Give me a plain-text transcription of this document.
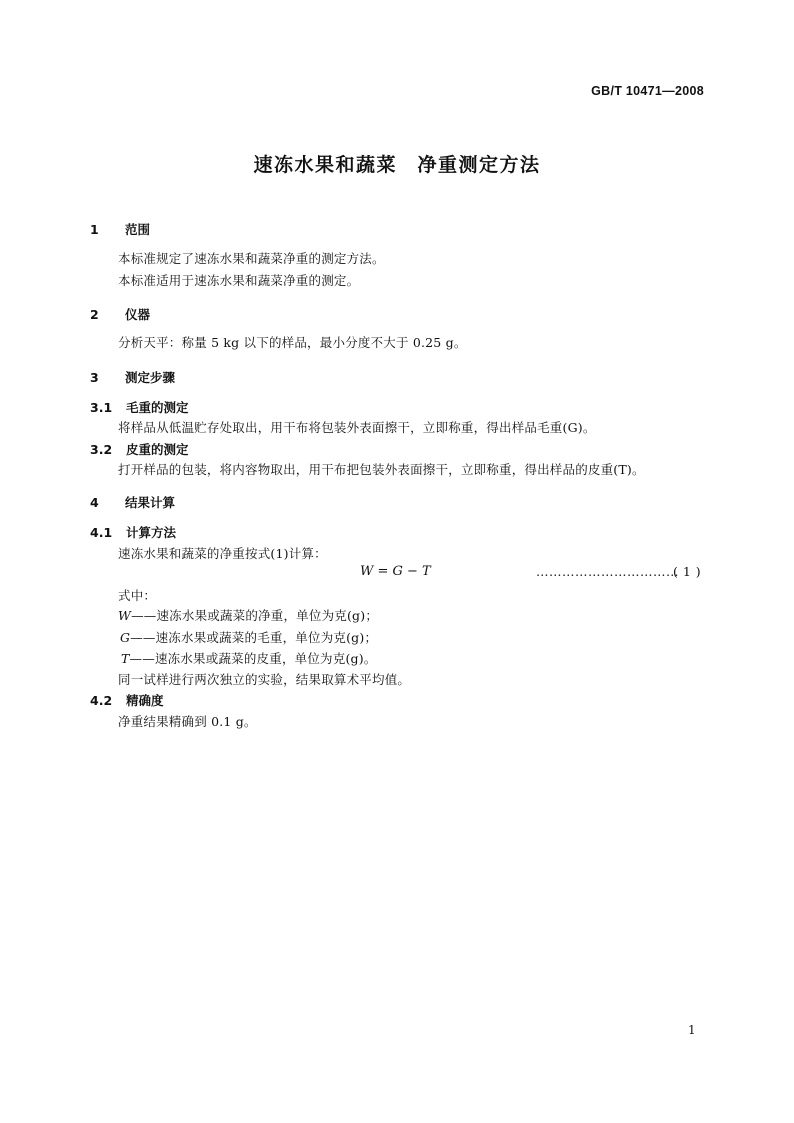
GB/T 10471—2008
速冻水果和蔬菜　净重测定方法
1 范围
本标准规定了速冻水果和蔬菜净重的测定方法。
本标准适用于速冻水果和蔬菜净重的测定。
2 仪器
分析天平：称量 5 kg 以下的样品，最小分度不大于 0.25 g。
3 测定步骤
3.1 毛重的测定
将样品从低温贮存处取出，用干布将包装外表面擦干，立即称重，得出样品毛重(G)。
3.2 皮重的测定
打开样品的包装，将内容物取出，用干布把包装外表面擦干，立即称重，得出样品的皮重(T)。
4 结果计算
4.1 计算方法
速冻水果和蔬菜的净重按式(1)计算：
W = G − T	……………………………
( 1 )
式中：
W——速冻水果或蔬菜的净重，单位为克(g)；
G——速冻水果或蔬菜的毛重，单位为克(g)；
T——速冻水果或蔬菜的皮重，单位为克(g)。
同一试样进行两次独立的实验，结果取算术平均值。
4.2 精确度
净重结果精确到 0.1 g。
1
